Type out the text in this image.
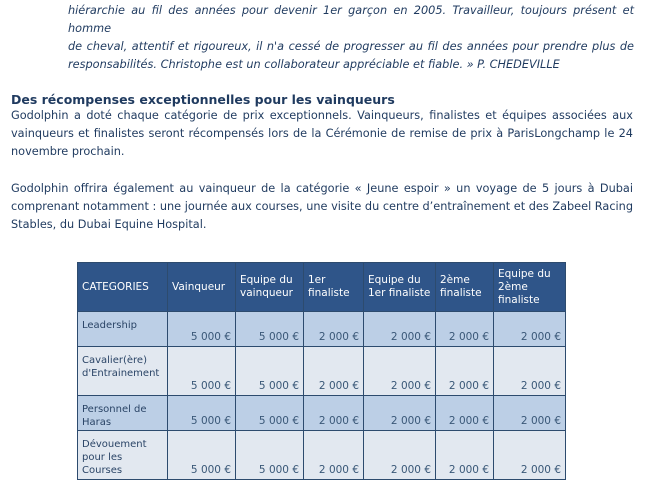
hiérarchie au fil des années pour devenir 1er garçon en 2005. Travailleur, toujours présent et homme
de cheval, attentif et rigoureux, il n'a cessé de progresser au fil des années pour prendre plus de
responsabilités. Christophe est un collaborateur appréciable et fiable. » P. CHEDEVILLE
Des récompenses exceptionnelles pour les vainqueurs
Godolphin a doté chaque catégorie de prix exceptionnels. Vainqueurs, finalistes et équipes associées aux
vainqueurs et finalistes seront récompensés lors de la Cérémonie de remise de prix à ParisLongchamp le 24
novembre prochain.
Godolphin offrira également au vainqueur de la catégorie « Jeune espoir » un voyage de 5 jours à Dubai
comprenant notamment : une journée aux courses, une visite du centre d’entraînement et des Zabeel Racing
Stables, du Dubai Equine Hospital.
CATEGORIES	Vainqueur	Equipe du vainqueur	1er finaliste	Equipe du 1er finaliste	2ème finaliste	Equipe du 2ème finaliste
Leadership	5 000 €	5 000 €	2 000 €	2 000 €	2 000 €	2 000 €
Cavalier(ère) d'Entrainement	5 000 €	5 000 €	2 000 €	2 000 €	2 000 €	2 000 €
Personnel de Haras	5 000 €	5 000 €	2 000 €	2 000 €	2 000 €	2 000 €
Dévouement pour les Courses	5 000 €	5 000 €	2 000 €	2 000 €	2 000 €	2 000 €
